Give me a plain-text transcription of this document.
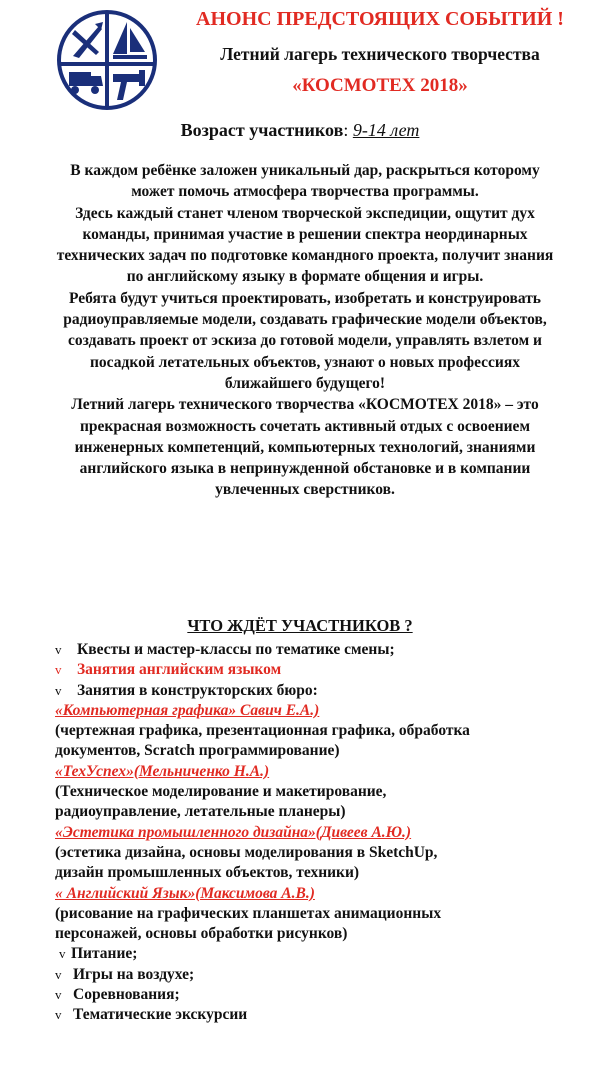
АНОНС ПРЕДСТОЯЩИХ СОБЫТИЙ !
Летний лагерь технического творчества
«КОСМОТЕХ 2018»
Возраст участников: 9-14 лет

В каждом ребёнке заложен уникальный дар, раскрыться которому может помочь атмосфера творчества программы.

Здесь каждый станет членом творческой экспедиции, ощутит дух команды, принимая участие в решении спектра неординарных технических задач по подготовке командного проекта, получит знания по английскому языку в формате общения и игры.

Ребята будут учиться проектировать, изобретать и конструировать радиоуправляемые модели, создавать графические модели объектов, создавать проект от эскиза до готовой модели, управлять взлетом и посадкой летательных объектов, узнают о новых профессиях ближайшего будущего!

Летний лагерь технического творчества «КОСМОТЕХ 2018» – это прекрасная возможность сочетать активный отдых с освоением инженерных компетенций, компьютерных технологий, знаниями английского языка в непринужденной обстановке и в компании увлеченных сверстников.

ЧТО ЖДЁТ УЧАСТНИКОВ ?
v Квесты и мастер-классы по тематике смены;
v Занятия английским языком
v Занятия в конструкторских бюро:
«Компьютерная графика» Савич Е.А.)
(чертежная графика, презентационная графика, обработка
документов, Scratch программирование)
«ТехУспех»(Мельниченко Н.А.)
(Техническое моделирование и макетирование,
радиоуправление, летательные планеры)
«Эстетика промышленного дизайна»(Дивеев А.Ю.)
(эстетика дизайна, основы моделирования в SketchUp,
дизайн промышленных объектов, техники)
« Английский Язык»(Максимова А.В.)
(рисование на графических планшетах анимационных
персонажей, основы обработки рисунков)
v Питание;
v Игры на воздухе;
v Соревнования;
v Тематические экскурсии
